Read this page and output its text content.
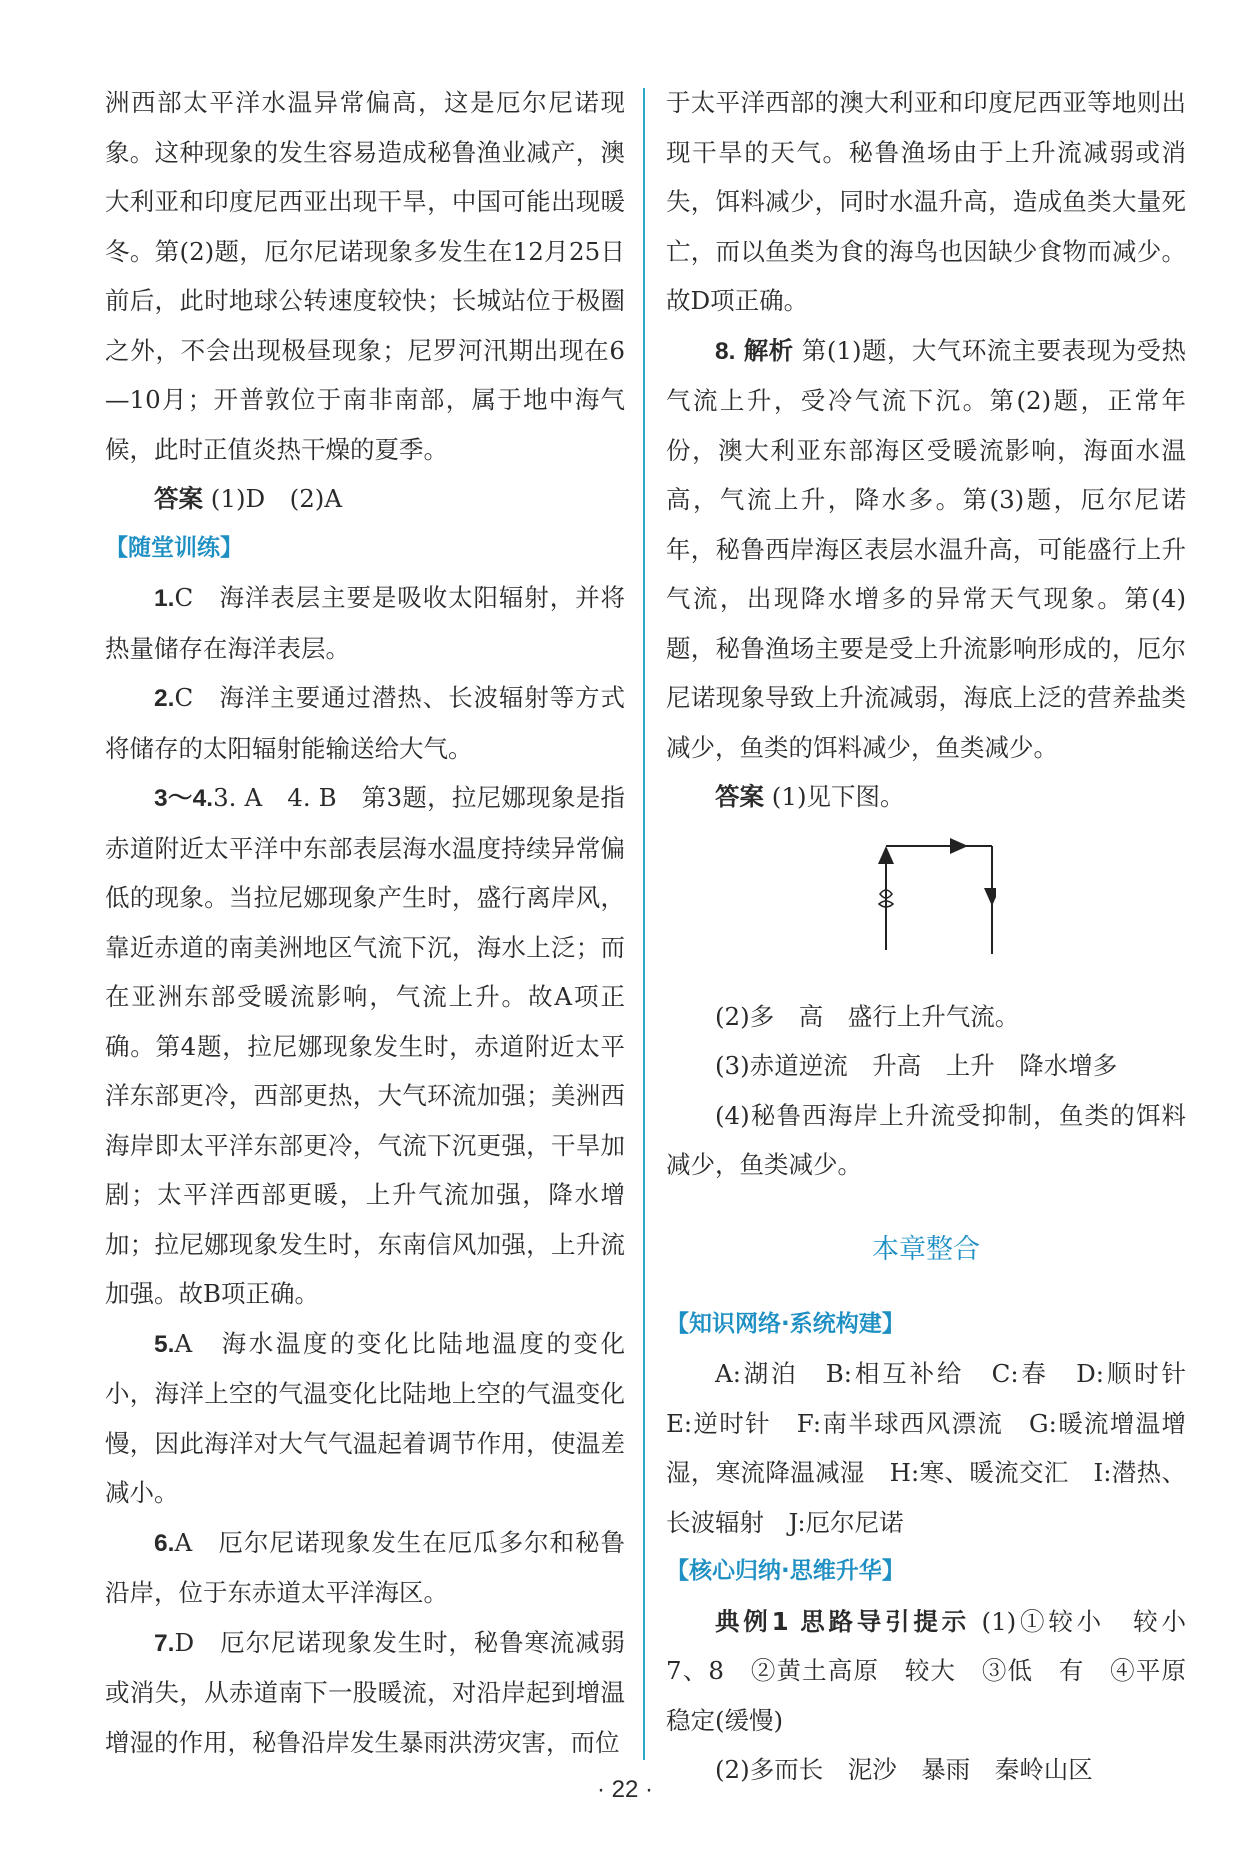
洲西部太平洋水温异常偏高，这是厄尔尼诺现象。这种现象的发生容易造成秘鲁渔业减产，澳大利亚和印度尼西亚出现干旱，中国可能出现暖冬。第(2)题，厄尔尼诺现象多发生在12月25日前后，此时地球公转速度较快；长城站位于极圈之外，不会出现极昼现象；尼罗河汛期出现在6—10月；开普敦位于南非南部，属于地中海气候，此时正值炎热干燥的夏季。

答案 (1)D　(2)A

【随堂训练】

1.C　海洋表层主要是吸收太阳辐射，并将热量储存在海洋表层。

2.C　海洋主要通过潜热、长波辐射等方式将储存的太阳辐射能输送给大气。

3～4.3. A　4. B　第3题，拉尼娜现象是指赤道附近太平洋中东部表层海水温度持续异常偏低的现象。当拉尼娜现象产生时，盛行离岸风，靠近赤道的南美洲地区气流下沉，海水上泛；而在亚洲东部受暖流影响，气流上升。故A项正确。第4题，拉尼娜现象发生时，赤道附近太平洋东部更冷，西部更热，大气环流加强；美洲西海岸即太平洋东部更冷，气流下沉更强，干旱加剧；太平洋西部更暖，上升气流加强，降水增加；拉尼娜现象发生时，东南信风加强，上升流加强。故B项正确。

5.A　海水温度的变化比陆地温度的变化小，海洋上空的气温变化比陆地上空的气温变化慢，因此海洋对大气气温起着调节作用，使温差减小。

6.A　厄尔尼诺现象发生在厄瓜多尔和秘鲁沿岸，位于东赤道太平洋海区。

7.D　厄尔尼诺现象发生时，秘鲁寒流减弱或消失，从赤道南下一股暖流，对沿岸起到增温增湿的作用，秘鲁沿岸发生暴雨洪涝灾害，而位

于太平洋西部的澳大利亚和印度尼西亚等地则出现干旱的天气。秘鲁渔场由于上升流减弱或消失，饵料减少，同时水温升高，造成鱼类大量死亡，而以鱼类为食的海鸟也因缺少食物而减少。故D项正确。

8. 解析 第(1)题，大气环流主要表现为受热气流上升，受冷气流下沉。第(2)题，正常年份，澳大利亚东部海区受暖流影响，海面水温高，气流上升，降水多。第(3)题，厄尔尼诺年，秘鲁西岸海区表层水温升高，可能盛行上升气流，出现降水增多的异常天气现象。第(4)题，秘鲁渔场主要是受上升流影响形成的，厄尔尼诺现象导致上升流减弱，海底上泛的营养盐类减少，鱼类的饵料减少，鱼类减少。

答案 (1)见下图。

(2)多　高　盛行上升气流。

(3)赤道逆流　升高　上升　降水增多

(4)秘鲁西海岸上升流受抑制，鱼类的饵料减少，鱼类减少。

本章整合

【知识网络·系统构建】

A:湖泊　B:相互补给　C:春　D:顺时针　E:逆时针　F:南半球西风漂流　G:暖流增温增湿，寒流降温减湿　H:寒、暖流交汇　I:潜热、长波辐射　J:厄尔尼诺

【核心归纳·思维升华】

典例1 思路导引提示 (1)①较小　较小　7、8　②黄土高原　较大　③低　有　④平原　稳定(缓慢)

(2)多而长　泥沙　暴雨　秦岭山区

· 22 ·
